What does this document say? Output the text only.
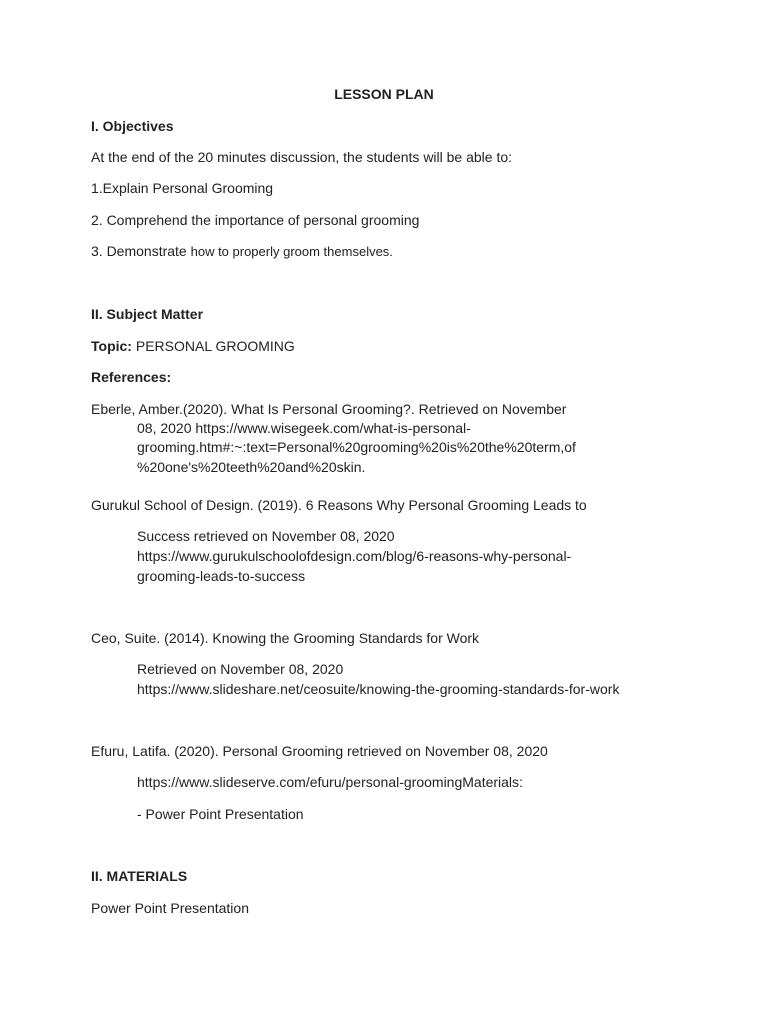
LESSON PLAN
I. Objectives
At the end of the 20 minutes discussion, the students will be able to:
1.Explain Personal Grooming
2. Comprehend the importance of personal grooming
3. Demonstrate how to properly groom themselves.
II. Subject Matter
Topic: PERSONAL GROOMING
References:
Eberle, Amber.(2020). What Is Personal Grooming?. Retrieved on November
08, 2020 https://www.wisegeek.com/what-is-personal-
grooming.htm#:~:text=Personal%20grooming%20is%20the%20term,of
%20one's%20teeth%20and%20skin.
Gurukul School of Design. (2019). 6 Reasons Why Personal Grooming Leads to
Success retrieved on November 08, 2020
https://www.gurukulschoolofdesign.com/blog/6-reasons-why-personal-
grooming-leads-to-success
Ceo, Suite. (2014). Knowing the Grooming Standards for Work
Retrieved on November 08, 2020
https://www.slideshare.net/ceosuite/knowing-the-grooming-standards-for-work
Efuru, Latifa. (2020). Personal Grooming retrieved on November 08, 2020
https://www.slideserve.com/efuru/personal-groomingMaterials:
- Power Point Presentation
II. MATERIALS
Power Point Presentation
